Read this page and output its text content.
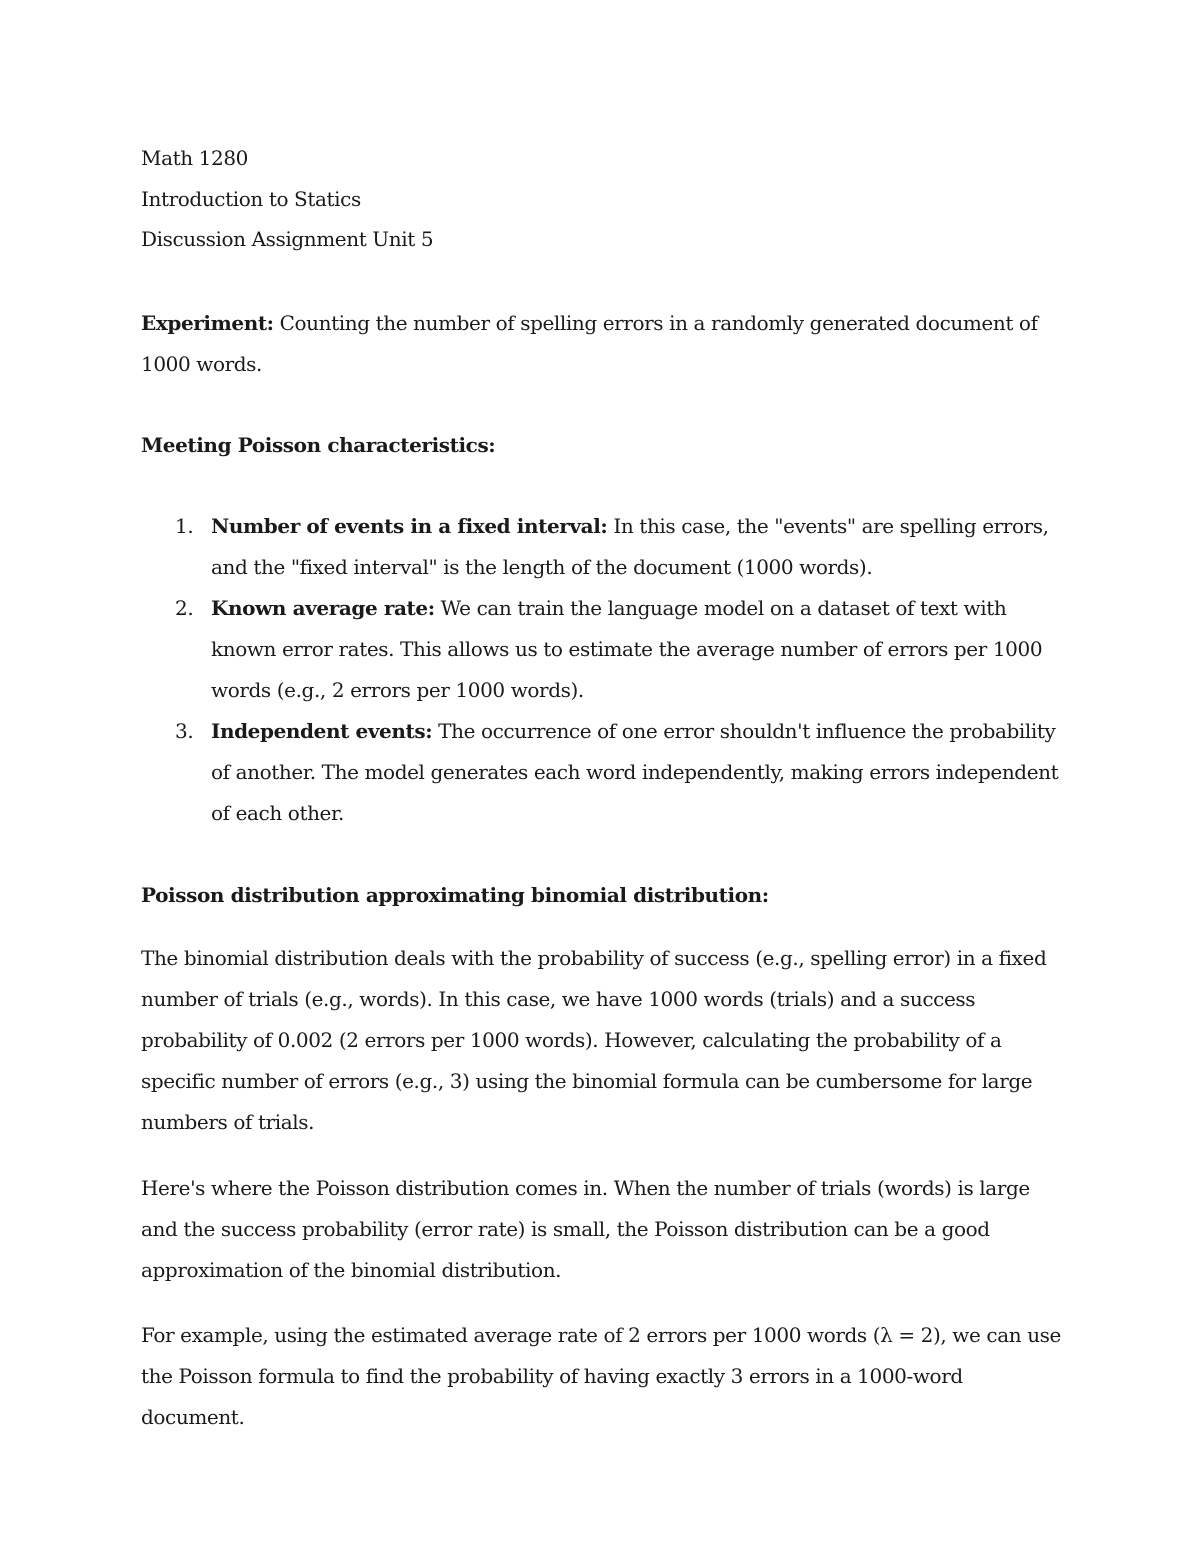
Math 1280

Introduction to Statics

Discussion Assignment Unit 5

Experiment: Counting the number of spelling errors in a randomly generated document of 1000 words.

Meeting Poisson characteristics:

1. Number of events in a fixed interval: In this case, the "events" are spelling errors, and the "fixed interval" is the length of the document (1000 words).
2. Known average rate: We can train the language model on a dataset of text with known error rates. This allows us to estimate the average number of errors per 1000 words (e.g., 2 errors per 1000 words).
3. Independent events: The occurrence of one error shouldn't influence the probability of another. The model generates each word independently, making errors independent of each other.

Poisson distribution approximating binomial distribution:

The binomial distribution deals with the probability of success (e.g., spelling error) in a fixed number of trials (e.g., words). In this case, we have 1000 words (trials) and a success probability of 0.002 (2 errors per 1000 words). However, calculating the probability of a specific number of errors (e.g., 3) using the binomial formula can be cumbersome for large numbers of trials.

Here's where the Poisson distribution comes in. When the number of trials (words) is large and the success probability (error rate) is small, the Poisson distribution can be a good approximation of the binomial distribution.

For example, using the estimated average rate of 2 errors per 1000 words (λ = 2), we can use the Poisson formula to find the probability of having exactly 3 errors in a 1000-word document.
